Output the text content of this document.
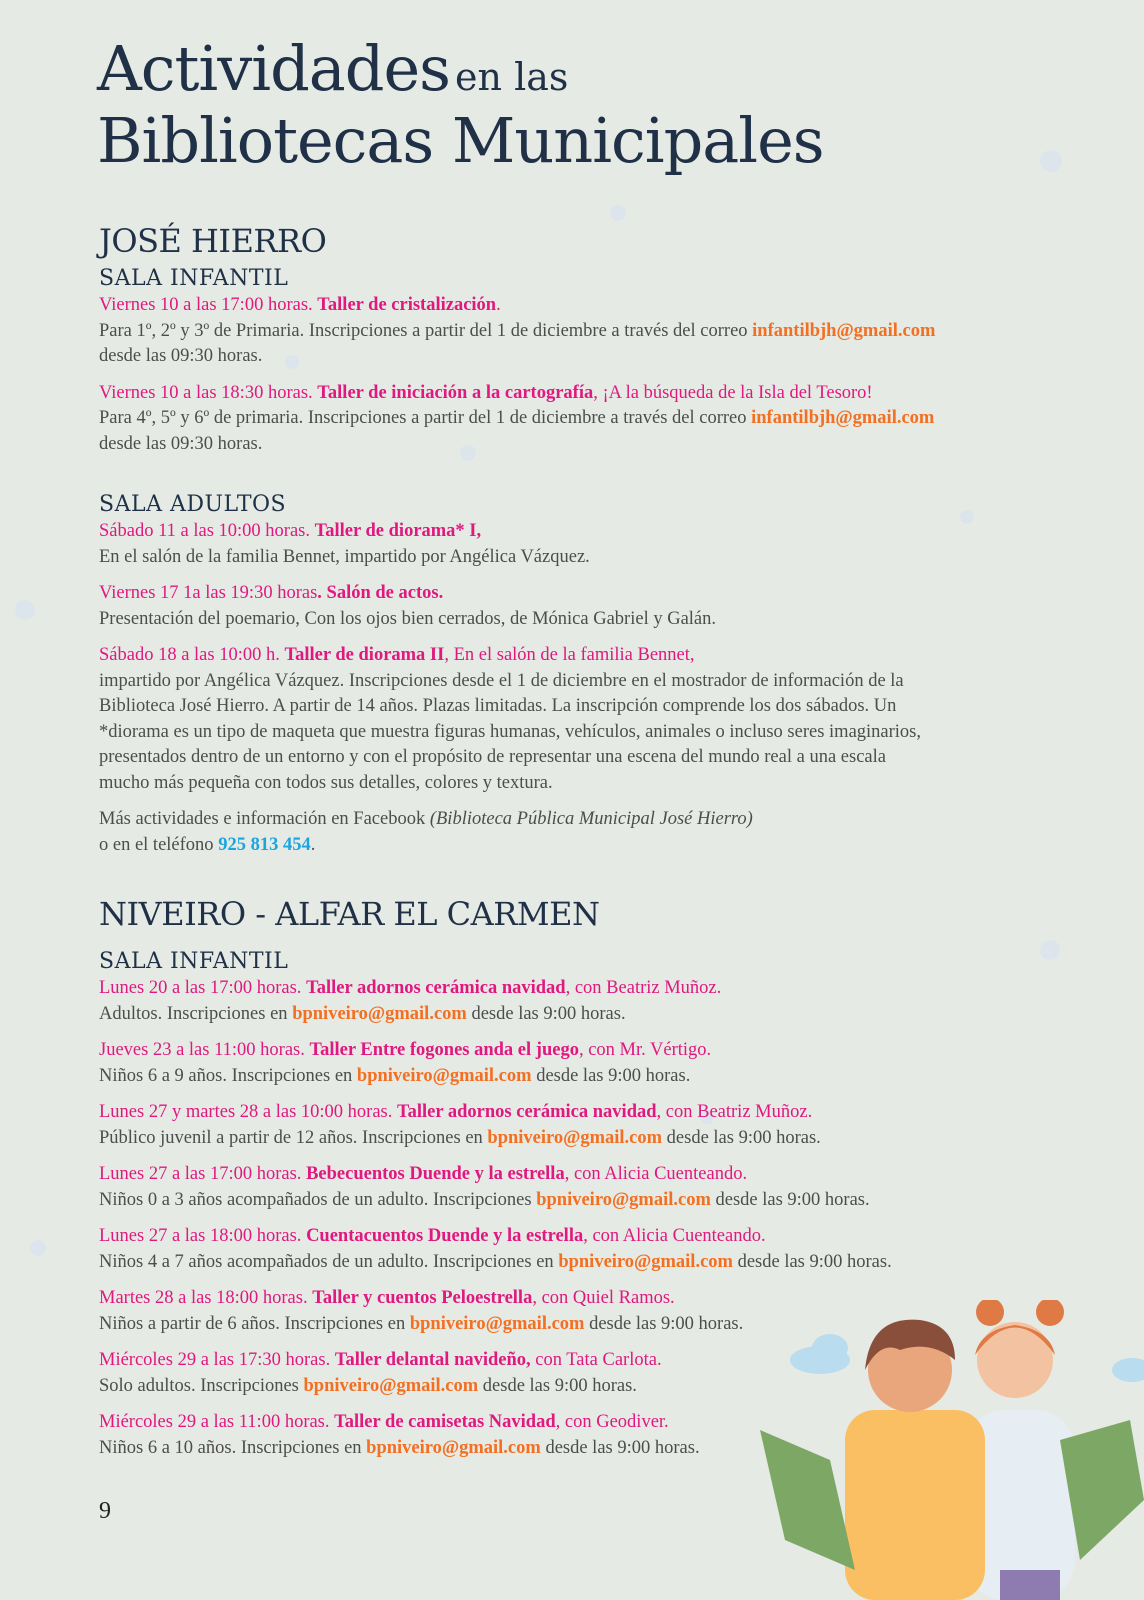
Actividades en las
Bibliotecas Municipales
JOSÉ HIERRO
SALA INFANTIL
Viernes 10 a las 17:00 horas. Taller de cristalización.
Para 1º, 2º y 3º de Primaria. Inscripciones a partir del 1 de diciembre a través del correo infantilbjh@gmail.com
desde las 09:30 horas.
Viernes 10 a las 18:30 horas. Taller de iniciación a la cartografía, ¡A la búsqueda de la Isla del Tesoro!
Para 4º, 5º y 6º de primaria. Inscripciones a partir del 1 de diciembre a través del correo infantilbjh@gmail.com
desde las 09:30 horas.
SALA ADULTOS
Sábado 11 a las 10:00 horas. Taller de diorama* I,
En el salón de la familia Bennet, impartido por Angélica Vázquez.
Viernes 17 1a las 19:30 horas. Salón de actos.
Presentación del poemario, Con los ojos bien cerrados, de Mónica Gabriel y Galán.
Sábado 18 a las 10:00 h. Taller de diorama II, En el salón de la familia Bennet,
impartido por Angélica Vázquez. Inscripciones desde el 1 de diciembre en el mostrador de información de la
Biblioteca José Hierro. A partir de 14 años. Plazas limitadas. La inscripción comprende los dos sábados. Un
*diorama es un tipo de maqueta que muestra figuras humanas, vehículos, animales o incluso seres imaginarios,
presentados dentro de un entorno y con el propósito de representar una escena del mundo real a una escala
mucho más pequeña con todos sus detalles, colores y textura.
Más actividades e información en Facebook (Biblioteca Pública Municipal José Hierro)
o en el teléfono 925 813 454.
NIVEIRO - ALFAR EL CARMEN
SALA INFANTIL
Lunes 20 a las 17:00 horas. Taller adornos cerámica navidad, con Beatriz Muñoz.
Adultos. Inscripciones en bpniveiro@gmail.com desde las 9:00 horas.
Jueves 23 a las 11:00 horas. Taller Entre fogones anda el juego, con Mr. Vértigo.
Niños 6 a 9 años. Inscripciones en bpniveiro@gmail.com desde las 9:00 horas.
Lunes 27 y martes 28 a las 10:00 horas. Taller adornos cerámica navidad, con Beatriz Muñoz.
Público juvenil a partir de 12 años. Inscripciones en bpniveiro@gmail.com desde las 9:00 horas.
Lunes 27 a las 17:00 horas. Bebecuentos Duende y la estrella, con Alicia Cuenteando.
Niños 0 a 3 años acompañados de un adulto. Inscripciones bpniveiro@gmail.com desde las 9:00 horas.
Lunes 27 a las 18:00 horas. Cuentacuentos Duende y la estrella, con Alicia Cuenteando.
Niños 4 a 7 años acompañados de un adulto. Inscripciones en bpniveiro@gmail.com desde las 9:00 horas.
Martes 28 a las 18:00 horas. Taller y cuentos Peloestrella, con Quiel Ramos.
Niños a partir de 6 años. Inscripciones en bpniveiro@gmail.com desde las 9:00 horas.
Miércoles 29 a las 17:30 horas. Taller delantal navideño, con Tata Carlota.
Solo adultos. Inscripciones bpniveiro@gmail.com desde las 9:00 horas.
Miércoles 29 a las 11:00 horas. Taller de camisetas Navidad, con Geodiver.
Niños 6 a 10 años. Inscripciones en bpniveiro@gmail.com desde las 9:00 horas.
9
